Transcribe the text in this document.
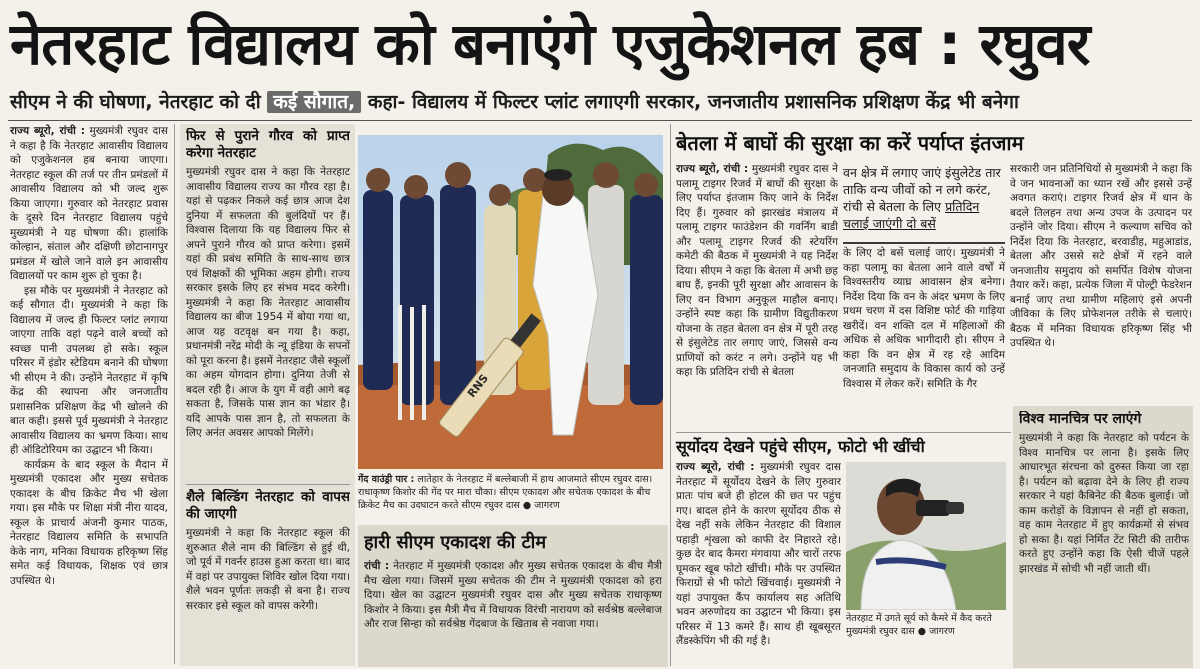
नेतरहाट विद्यालय को बनाएंगे एजुकेशनल हब : रघुवर
सीएम ने की घोषणा, नेतरहाट को दी कई सौगात, कहा- विद्यालय में फिल्टर प्लांट लगाएगी सरकार, जनजातीय प्रशासनिक प्रशिक्षण केंद्र भी बनेगा

राज्य ब्यूरो, रांची : मुख्यमंत्री रघुवर दास ने कहा है कि नेतरहाट आवासीय विद्यालय को एजुकेशनल हब बनाया जाएगा। नेतरहाट स्कूल की तर्ज पर तीन प्रमंडलों में आवासीय विद्यालय को भी जल्द शुरू किया जाएगा। गुरुवार को नेतरहाट प्रवास के दूसरे दिन नेतरहाट विद्यालय पहुंचे मुख्यमंत्री ने यह घोषणा की। हालांकि कोल्हान, संताल और दक्षिणी छोटानागपुर प्रमंडल में खोले जाने वाले इन आवासीय विद्यालयों पर काम शुरू हो चुका है।

इस मौके पर मुख्यमंत्री ने नेतरहाट को कई सौगात दी। मुख्यमंत्री ने कहा कि विद्यालय में जल्द ही फिल्टर प्लांट लगाया जाएगा ताकि वहां पढ़ने वाले बच्चों को स्वच्छ पानी उपलब्ध हो सके। स्कूल परिसर में इंडोर स्टेडियम बनाने की घोषणा भी सीएम ने की। उन्होंने नेतरहाट में कृषि केंद्र की स्थापना और जनजातीय प्रशासनिक प्रशिक्षण केंद्र भी खोलने की बात कही। इससे पूर्व मुख्यमंत्री ने नेतरहाट आवासीय विद्यालय का भ्रमण किया। साथ ही ऑडिटोरियम का उद्घाटन भी किया।

कार्यक्रम के बाद स्कूल के मैदान में मुख्यमंत्री एकादश और मुख्य सचेतक एकादश के बीच क्रिकेट मैच भी खेला गया। इस मौके पर शिक्षा मंत्री नीरा यादव, स्कूल के प्राचार्य अंजनी कुमार पाठक, नेतरहाट विद्यालय समिति के सभापति केके नाग, मनिका विधायक हरिकृष्ण सिंह समेत कई विधायक, शिक्षक एवं छात्र उपस्थित थे।

फिर से पुराने गौरव को प्राप्त करेगा नेतरहाट

मुख्यमंत्री रघुवर दास ने कहा कि नेतरहाट आवासीय विद्यालय राज्य का गौरव रहा है। यहां से पढ़कर निकले कई छात्र आज देश दुनिया में सफलता की बुलंदियों पर हैं। विश्वास दिलाया कि यह विद्यालय फिर से अपने पुराने गौरव को प्राप्त करेगा। इसमें यहां की प्रबंध समिति के साथ-साथ छात्र एवं शिक्षकों की भूमिका अहम होगी। राज्य सरकार इसके लिए हर संभव मदद करेगी। मुख्यमंत्री ने कहा कि नेतरहाट आवासीय विद्यालय का बीज 1954 में बोया गया था, आज यह वटवृक्ष बन गया है। कहा, प्रधानमंत्री नरेंद्र मोदी के न्यू इंडिया के सपनों को पूरा करना है। इसमें नेतरहाट जैसे स्कूलों का अहम योगदान होगा। दुनिया तेजी से बदल रही है। आज के युग में वही आगे बढ़ सकता है, जिसके पास ज्ञान का भंडार है। यदि आपके पास ज्ञान है, तो सफलता के लिए अनंत अवसर आपको मिलेंगे।

शैले बिल्डिंग नेतरहाट को वापस की जाएगी

मुख्यमंत्री ने कहा कि नेतरहाट स्कूल की शुरुआत शैले नाम की बिल्डिंग से हुई थी, जो पूर्व में गवर्नर हाउस हुआ करता था। बाद में वहां पर उपायुक्त शिविर खोल दिया गया। शैले भवन पूर्णतः लकड़ी से बना है। राज्य सरकार इसे स्कूल को वापस करेगी।

RNS
गेंद वाउंड्री पार : लातेहार के नेतरहाट में बल्लेबाजी में हाथ आजमाते सीएम रघुवर दास। राधाकृष्ण किशोर की गेंद पर मारा चौका। सीएम एकादश और सचेतक एकादश के बीच क्रिकेट मैच का उदघाटन करते सीएम रघुवर दास ● जागरण
हारी सीएम एकादश की टीम

रांची : नेतरहाट में मुख्यमंत्री एकादश और मुख्य सचेतक एकादश के बीच मैत्री मैच खेला गया। जिसमें मुख्य सचेतक की टीम ने मुख्यमंत्री एकादश को हरा दिया। खेल का उद्घाटन मुख्यमंत्री रघुवर दास और मुख्य सचेतक राधाकृष्ण किशोर ने किया। इस मैत्री मैच में विधायक विरंची नारायण को सर्वश्रेष्ठ बल्लेबाज और राज सिन्हा को सर्वश्रेष्ठ गेंदबाज के खिताब से नवाजा गया।

बेतला में बाघों की सुरक्षा का करें पर्याप्त इंतजाम

राज्य ब्यूरो, रांची : मुख्यमंत्री रघुवर दास ने पलामू टाइगर रिजर्व में बाघों की सुरक्षा के लिए पर्याप्त इंतजाम किए जाने के निर्देश दिए हैं। गुरुवार को झारखंड मंत्रालय में पलामू टाइगर फाउंडेशन की गवर्निंग बाडी और पलामू टाइगर रिजर्व की स्टेयरिंग कमेटी की बैठक में मुख्यमंत्री ने यह निर्देश दिया। सीएम ने कहा कि बेतला में अभी छह बाघ हैं, इनकी पूरी सुरक्षा और आवासन के लिए वन विभाग अनुकूल माहौल बनाए। उन्होंने स्पष्ट कहा कि ग्रामीण विद्युतीकरण योजना के तहत बेतला वन क्षेत्र में पूरी तरह से इंसुलेटेड तार लगाए जाएं, जिससे वन्य प्राणियों को करंट न लगे। उन्होंने यह भी कहा कि प्रतिदिन रांची से बेतला

वन क्षेत्र में लगाए जाएं इंसुलेटेड तार ताकि वन्य जीवों को न लगे करंट, रांची से बेतला के लिए प्रतिदिन चलाई जाएंगी दो बसें

के लिए दो बसें चलाई जाएं। मुख्यमंत्री ने कहा पलामू का बेतला आने वाले वर्षों में विश्वस्तरीय व्याघ्र आवासन क्षेत्र बनेगा। निर्देश दिया कि वन के अंदर भ्रमण के लिए प्रथम चरण में दस विशिष्ट फोर्ट की गाड़िया खरीदें। वन शक्ति दल में महिलाओं की अधिक से अधिक भागीदारी हो। सीएम ने कहा कि वन क्षेत्र में रह रहे आदिम जनजाति समुदाय के विकास कार्य को उन्हें विश्वास में लेकर करें। समिति के गैर

सरकारी जन प्रतिनिधियों से मुख्यमंत्री ने कहा कि वे जन भावनाओं का ध्यान रखें और इससे उन्हें अवगत कराएं। टाइगर रिजर्व क्षेत्र में धान के बदले तिलहन तथा अन्य उपज के उत्पादन पर उन्होंने जोर दिया। सीएम ने कल्याण सचिव को निर्देश दिया कि नेतरहाट, बरवाडीह, महुआडांड, बेतला और उससे सटे क्षेत्रों में रहने वाले जनजातीय समुदाय को समर्पित विशेष योजना तैयार करें। कहा, प्रत्येक जिला में पोल्ट्री फेडरेशन बनाई जाए तथा ग्रामीण महिलाएं इसे अपनी जीविका के लिए प्रोफेशनल तरीके से चलाएं। बैठक में मनिका विधायक हरिकृष्ण सिंह भी उपस्थित थे।

सूर्योदय देखने पहुंचे सीएम, फोटो भी खींची

राज्य ब्यूरो, रांची : मुख्यमंत्री रघुवर दास नेतरहाट में सूर्योदय देखने के लिए गुरुवार प्रातः पांच बजे ही होटल की छत पर पहुंच गए। बादल होने के कारण सूर्योदय ठीक से देख नहीं सके लेकिन नेतरहाट की विशाल पहाड़ी शृंखला को काफी देर निहारते रहे। कुछ देर बाद कैमरा मंगवाया और चारों तरफ घूमकर खूब फोटो खींची। मौके पर उपस्थित फिराग्रों से भी फोटो खिंचवाई। मुख्यमंत्री ने यहां उपायुक्त कैंप कार्यालय सह अतिथि भवन अरुणोदय का उद्घाटन भी किया। इस परिसर में 13 कमरे हैं। साथ ही खूबसूरत लैंडस्केपिंग भी की गई है।

नेतरहाट में उगते सूर्य को कैमरे में कैद करते मुख्यमंत्री रघुवर दास ● जागरण
विश्व मानचित्र पर लाएंगे

मुख्यमंत्री ने कहा कि नेतरहाट को पर्यटन के विश्व मानचित्र पर लाना है। इसके लिए आधारभूत संरचना को दुरुस्त किया जा रहा है। पर्यटन को बढ़ावा देने के लिए ही राज्य सरकार ने यहां कैबिनेट की बैठक बुलाई। जो काम करोड़ों के विज्ञापन से नहीं हो सकता, वह काम नेतरहाट में हुए कार्यक्रमों से संभव हो सका है। यहां निर्मित टेंट सिटी की तारीफ करते हुए उन्होंने कहा कि ऐसी चीजें पहले झारखंड में सोची भी नहीं जाती थीं।
